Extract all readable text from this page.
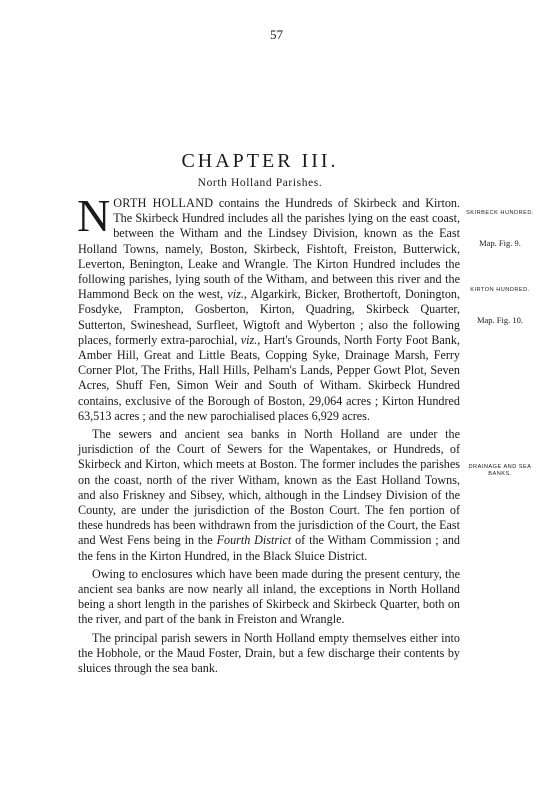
57
CHAPTER III.
North Holland Parishes.

NORTH HOLLAND contains the Hundreds of Skirbeck and Kirton. The Skirbeck Hundred includes all the parishes lying on the east coast, between the Witham and the Lindsey Division, known as the East Holland Towns, namely, Boston, Skirbeck, Fishtoft, Freiston, Butterwick, Leverton, Benington, Leake and Wrangle. The Kirton Hundred includes the following parishes, lying south of the Witham, and between this river and the Hammond Beck on the west, viz., Algarkirk, Bicker, Brothertoft, Donington, Fosdyke, Frampton, Gosberton, Kirton, Quadring, Skirbeck Quarter, Sutterton, Swineshead, Surfleet, Wigtoft and Wyberton ; also the following places, formerly extra-parochial, viz., Hart's Grounds, North Forty Foot Bank, Amber Hill, Great and Little Beats, Copping Syke, Drainage Marsh, Ferry Corner Plot, The Friths, Hall Hills, Pelham's Lands, Pepper Gowt Plot, Seven Acres, Shuff Fen, Simon Weir and South of Witham. Skirbeck Hundred contains, exclusive of the Borough of Boston, 29,064 acres ; Kirton Hundred 63,513 acres ; and the new parochialised places 6,929 acres.

The sewers and ancient sea banks in North Holland are under the jurisdiction of the Court of Sewers for the Wapentakes, or Hundreds, of Skirbeck and Kirton, which meets at Boston. The former includes the parishes on the coast, north of the river Witham, known as the East Holland Towns, and also Friskney and Sibsey, which, although in the Lindsey Division of the County, are under the jurisdiction of the Boston Court. The fen portion of these hundreds has been withdrawn from the jurisdiction of the Court, the East and West Fens being in the Fourth District of the Witham Commission ; and the fens in the Kirton Hundred, in the Black Sluice District.

Owing to enclosures which have been made during the present century, the ancient sea banks are now nearly all inland, the exceptions in North Holland being a short length in the parishes of Skirbeck and Skirbeck Quarter, both on the river, and part of the bank in Freiston and Wrangle.

The principal parish sewers in North Holland empty themselves either into the Hobhole, or the Maud Foster, Drain, but a few discharge their contents by sluices through the sea bank.

SKIRBECK HUNDRED.
Map. Fig. 9.
KIRTON HUNDRED.
Map. Fig. 10.
DRAINAGE AND SEA BANKS.
